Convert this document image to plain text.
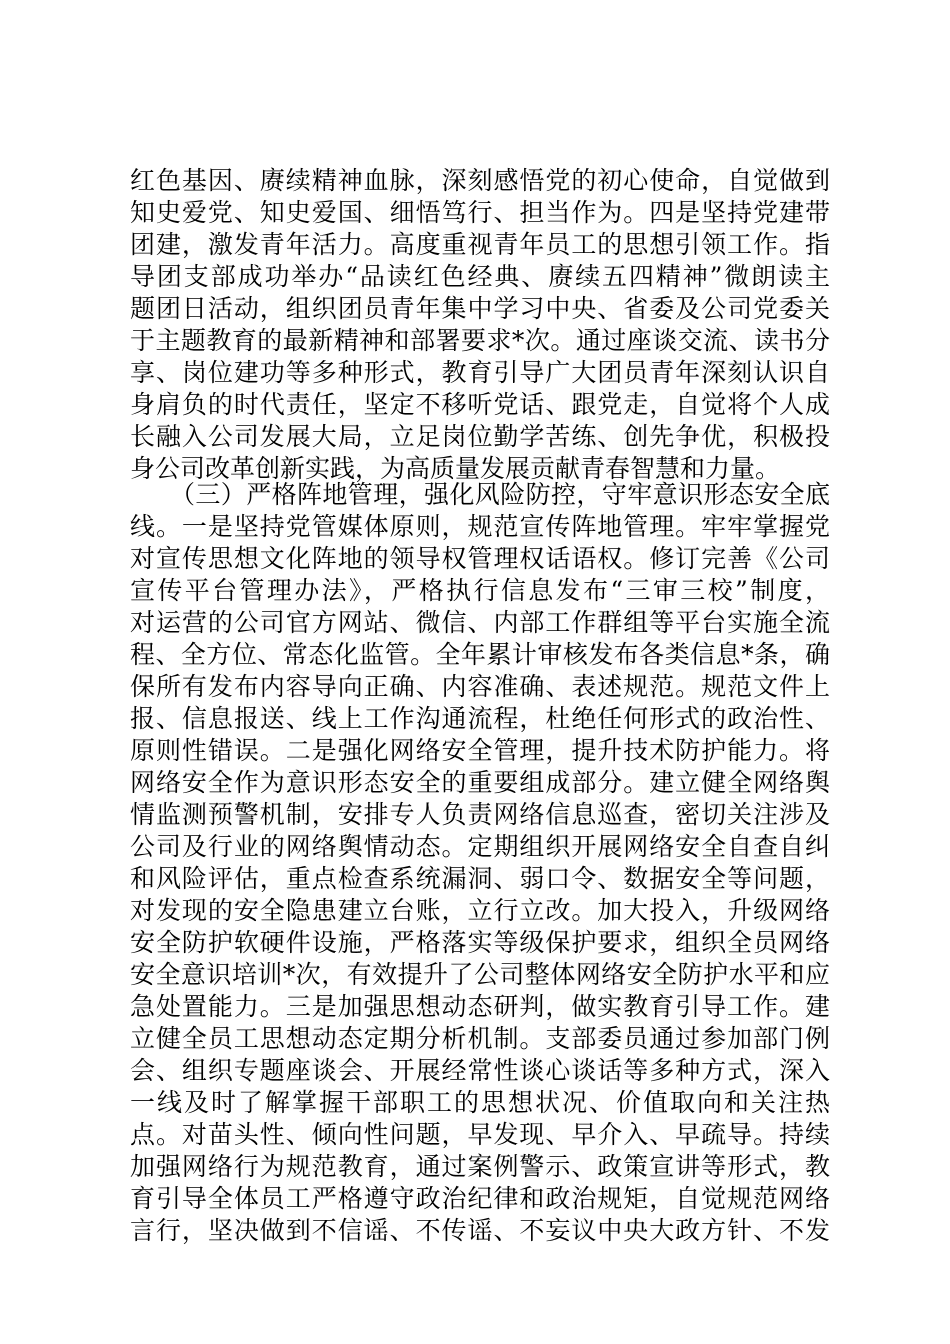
红色基因、赓续精神血脉，深刻感悟党的初心使命，自觉做到
知史爱党、知史爱国、细悟笃行、担当作为。四是坚持党建带
团建，激发青年活力。高度重视青年员工的思想引领工作。指
导团支部成功举办“品读红色经典、赓续五四精神”微朗读主
题团日活动，组织团员青年集中学习中央、省委及公司党委关
于主题教育的最新精神和部署要求*次。通过座谈交流、读书分
享、岗位建功等多种形式，教育引导广大团员青年深刻认识自
身肩负的时代责任，坚定不移听党话、跟党走，自觉将个人成
长融入公司发展大局，立足岗位勤学苦练、创先争优，积极投
身公司改革创新实践，为高质量发展贡献青春智慧和力量。
（三）严格阵地管理，强化风险防控，守牢意识形态安全底
线。一是坚持党管媒体原则，规范宣传阵地管理。牢牢掌握党
对宣传思想文化阵地的领导权管理权话语权。修订完善《公司
宣传平台管理办法》，严格执行信息发布“三审三校”制度，
对运营的公司官方网站、微信、内部工作群组等平台实施全流
程、全方位、常态化监管。全年累计审核发布各类信息*条，确
保所有发布内容导向正确、内容准确、表述规范。规范文件上
报、信息报送、线上工作沟通流程，杜绝任何形式的政治性、
原则性错误。二是强化网络安全管理，提升技术防护能力。将
网络安全作为意识形态安全的重要组成部分。建立健全网络舆
情监测预警机制，安排专人负责网络信息巡查，密切关注涉及
公司及行业的网络舆情动态。定期组织开展网络安全自查自纠
和风险评估，重点检查系统漏洞、弱口令、数据安全等问题，
对发现的安全隐患建立台账，立行立改。加大投入，升级网络
安全防护软硬件设施，严格落实等级保护要求，组织全员网络
安全意识培训*次，有效提升了公司整体网络安全防护水平和应
急处置能力。三是加强思想动态研判，做实教育引导工作。建
立健全员工思想动态定期分析机制。支部委员通过参加部门例
会、组织专题座谈会、开展经常性谈心谈话等多种方式，深入
一线及时了解掌握干部职工的思想状况、价值取向和关注热
点。对苗头性、倾向性问题，早发现、早介入、早疏导。持续
加强网络行为规范教育，通过案例警示、政策宣讲等形式，教
育引导全体员工严格遵守政治纪律和政治规矩，自觉规范网络
言行，坚决做到不信谣、不传谣、不妄议中央大政方针、不发
